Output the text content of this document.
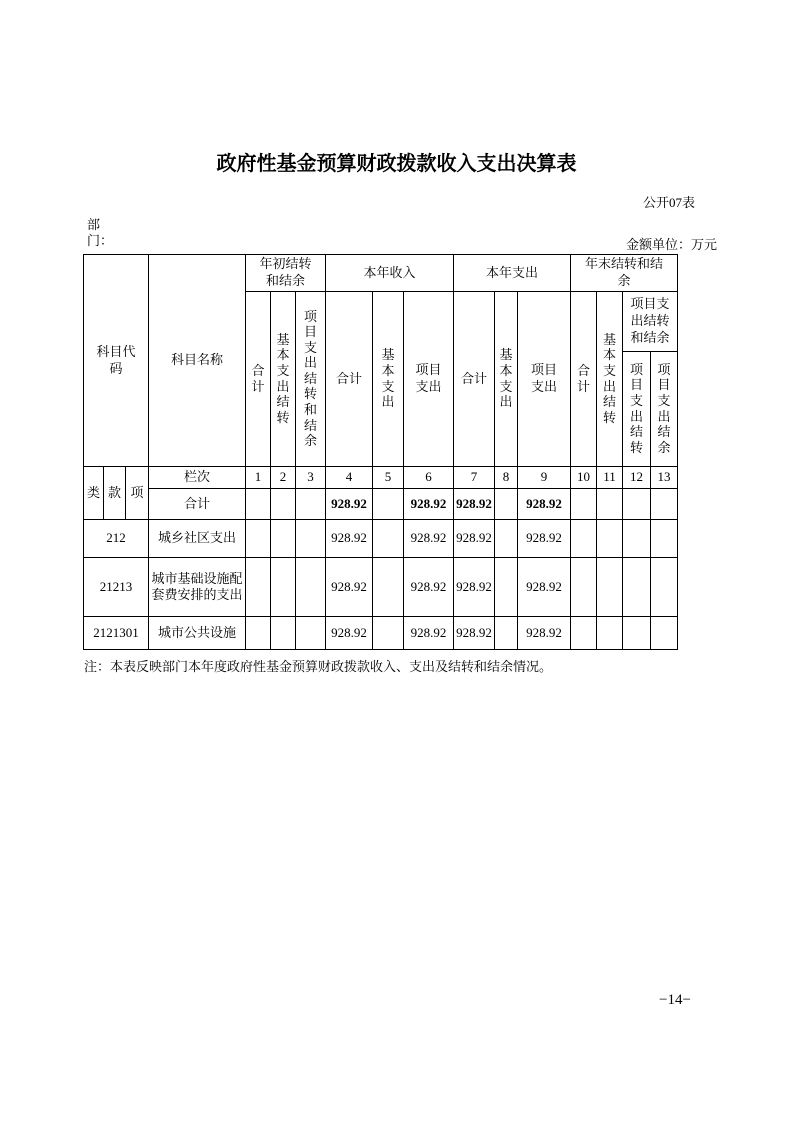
政府性基金预算财政拨款收入支出决算表
公开07表
部门：	金额单位：万元
科目代码			科目名称	年初结转和结余			本年收入			本年支出			年末结转和结余			
				合计	基本支出结转	项目支出结转和结余	合计	基本支出	项目支出	合计	基本支出	项目支出	合计	基本支出结转	项目支出结转和结余	
															项目支出结转	项目支出结余
类	款	项	栏次	1	2	3	4	5	6	7	8	9	10	11	12	13
			合计				928.92		928.92	928.92		928.92				
212			城乡社区支出				928.92		928.92	928.92		928.92				
21213			城市基础设施配套费安排的支出				928.92		928.92	928.92		928.92				
2121301			城市公共设施				928.92		928.92	928.92		928.92				
注：本表反映部门本年度政府性基金预算财政拨款收入、支出及结转和结余情况。
−14−
